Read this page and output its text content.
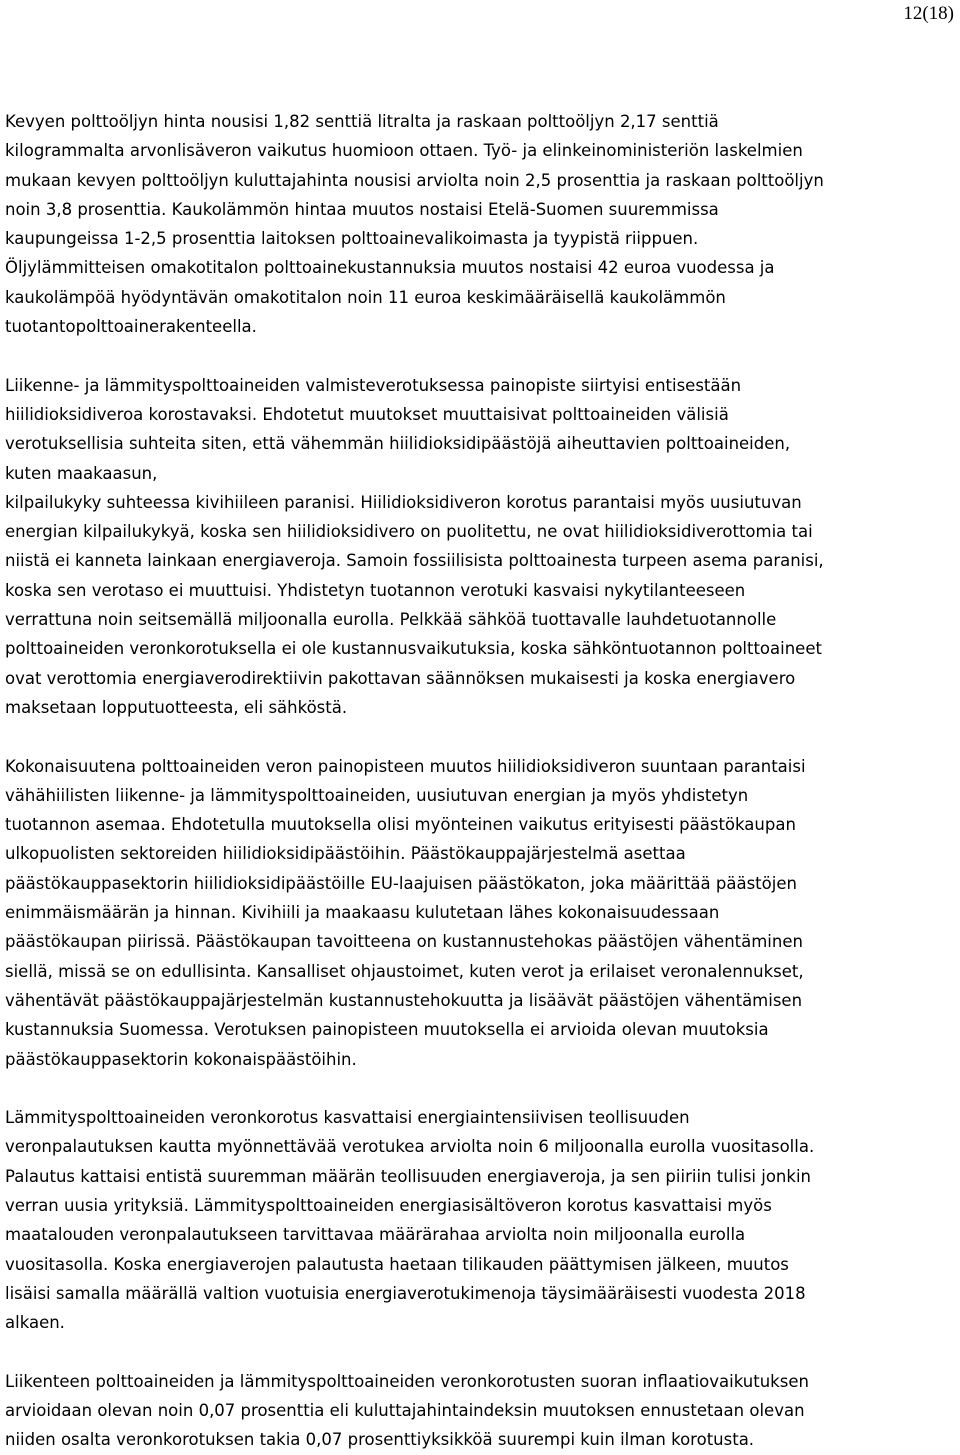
12(18)
Kevyen polttoöljyn hinta nousisi 1,82 senttiä litralta ja raskaan polttoöljyn 2,17 senttiä
kilogrammalta arvonlisäveron vaikutus huomioon ottaen. Työ- ja elinkeinoministeriön laskelmien
mukaan kevyen polttoöljyn kuluttajahinta nousisi arviolta noin 2,5 prosenttia ja raskaan polttoöljyn
noin 3,8 prosenttia. Kaukolämmön hintaa muutos nostaisi Etelä-Suomen suuremmissa
kaupungeissa 1-2,5 prosenttia laitoksen polttoainevalikoimasta ja tyypistä riippuen.
Öljylämmitteisen omakotitalon polttoainekustannuksia muutos nostaisi 42 euroa vuodessa ja
kaukolämpöä hyödyntävän omakotitalon noin 11 euroa keskimääräisellä kaukolämmön
tuotantopolttoainerakenteella.
Liikenne- ja lämmityspolttoaineiden valmisteverotuksessa painopiste siirtyisi entisestään
hiilidioksidiveroa korostavaksi. Ehdotetut muutokset muuttaisivat polttoaineiden välisiä
verotuksellisia suhteita siten, että vähemmän hiilidioksidipäästöjä aiheuttavien polttoaineiden,
kuten maakaasun,
kilpailukyky suhteessa kivihiileen paranisi. Hiilidioksidiveron korotus parantaisi myös uusiutuvan
energian kilpailukykyä, koska sen hiilidioksidivero on puolitettu, ne ovat hiilidioksidiverottomia tai
niistä ei kanneta lainkaan energiaveroja. Samoin fossiilisista polttoainesta turpeen asema paranisi,
koska sen verotaso ei muuttuisi. Yhdistetyn tuotannon verotuki kasvaisi nykytilanteeseen
verrattuna noin seitsemällä miljoonalla eurolla. Pelkkää sähköä tuottavalle lauhdetuotannolle
polttoaineiden veronkorotuksella ei ole kustannusvaikutuksia, koska sähköntuotannon polttoaineet
ovat verottomia energiaverodirektiivin pakottavan säännöksen mukaisesti ja koska energiavero
maksetaan lopputuotteesta, eli sähköstä.
Kokonaisuutena polttoaineiden veron painopisteen muutos hiilidioksidiveron suuntaan parantaisi
vähähiilisten liikenne- ja lämmityspolttoaineiden, uusiutuvan energian ja myös yhdistetyn
tuotannon asemaa. Ehdotetulla muutoksella olisi myönteinen vaikutus erityisesti päästökaupan
ulkopuolisten sektoreiden hiilidioksidipäästöihin. Päästökauppajärjestelmä asettaa
päästökauppasektorin hiilidioksidipäästöille EU-laajuisen päästökaton, joka määrittää päästöjen
enimmäismäärän ja hinnan. Kivihiili ja maakaasu kulutetaan lähes kokonaisuudessaan
päästökaupan piirissä. Päästökaupan tavoitteena on kustannustehokas päästöjen vähentäminen
siellä, missä se on edullisinta. Kansalliset ohjaustoimet, kuten verot ja erilaiset veronalennukset,
vähentävät päästökauppajärjestelmän kustannustehokuutta ja lisäävät päästöjen vähentämisen
kustannuksia Suomessa. Verotuksen painopisteen muutoksella ei arvioida olevan muutoksia
päästökauppasektorin kokonaispäästöihin.
Lämmityspolttoaineiden veronkorotus kasvattaisi energiaintensiivisen teollisuuden
veronpalautuksen kautta myönnettävää verotukea arviolta noin 6 miljoonalla eurolla vuositasolla.
Palautus kattaisi entistä suuremman määrän teollisuuden energiaveroja, ja sen piiriin tulisi jonkin
verran uusia yrityksiä. Lämmityspolttoaineiden energiasisältöveron korotus kasvattaisi myös
maatalouden veronpalautukseen tarvittavaa määrärahaa arviolta noin miljoonalla eurolla
vuositasolla. Koska energiaverojen palautusta haetaan tilikauden päättymisen jälkeen, muutos
lisäisi samalla määrällä valtion vuotuisia energiaverotukimenoja täysimääräisesti vuodesta 2018
alkaen.
Liikenteen polttoaineiden ja lämmityspolttoaineiden veronkorotusten suoran inflaatiovaikutuksen
arvioidaan olevan noin 0,07 prosenttia eli kuluttajahintaindeksin muutoksen ennustetaan olevan
niiden osalta veronkorotuksen takia 0,07 prosenttiyksikköä suurempi kuin ilman korotusta.
